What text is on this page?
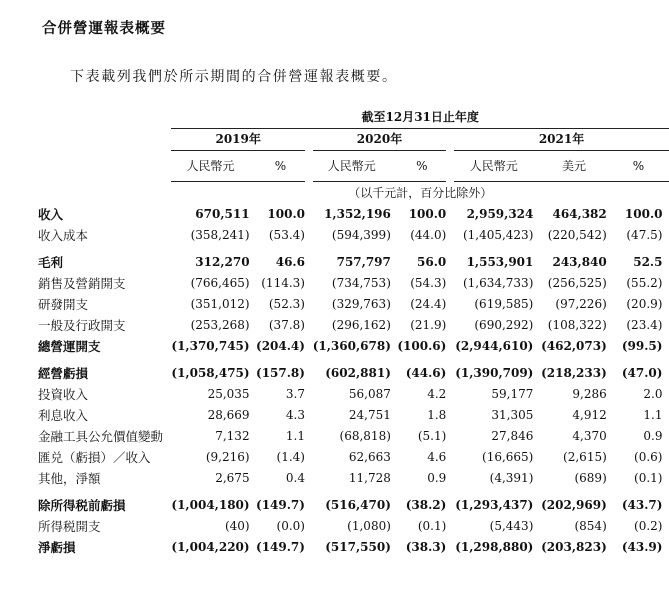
合併營運報表概要
下表載列我們於所示期間的合併營運報表概要。
	截至12月31日止年度													
	2019年				2020年				2021年					
	人民幣元		%		人民幣元		%		人民幣元		美元		%	
	（以千元計，百分比除外）													
收入	670,511		100.0		1,352,196		100.0		2,959,324		464,382		100.0	
收入成本	(358,241)		(53.4)		(594,399)		(44.0)		(1,405,423)		(220,542)		(47.5)	

毛利	312,270		46.6		757,797		56.0		1,553,901		243,840		52.5	
銷售及營銷開支	(766,465)		(114.3)		(734,753)		(54.3)		(1,634,733)		(256,525)		(55.2)	
研發開支	(351,012)		(52.3)		(329,763)		(24.4)		(619,585)		(97,226)		(20.9)	
一般及行政開支	(253,268)		(37.8)		(296,162)		(21.9)		(690,292)		(108,322)		(23.4)	
總營運開支	(1,370,745)		(204.4)		(1,360,678)		(100.6)		(2,944,610)		(462,073)		(99.5)	

經營虧損	(1,058,475)		(157.8)		(602,881)		(44.6)		(1,390,709)		(218,233)		(47.0)	
投資收入	25,035		3.7		56,087		4.2		59,177		9,286		2.0	
利息收入	28,669		4.3		24,751		1.8		31,305		4,912		1.1	
金融工具公允價值變動	7,132		1.1		(68,818)		(5.1)		27,846		4,370		0.9	
匯兑（虧損）／收入	(9,216)		(1.4)		62,663		4.6		(16,665)		(2,615)		(0.6)	
其他，淨額	2,675		0.4		11,728		0.9		(4,391)		(689)		(0.1)	

除所得税前虧損	(1,004,180)		(149.7)		(516,470)		(38.2)		(1,293,437)		(202,969)		(43.7)	
所得税開支	(40)		(0.0)		(1,080)		(0.1)		(5,443)		(854)		(0.2)	
淨虧損	(1,004,220)		(149.7)		(517,550)		(38.3)		(1,298,880)		(203,823)		(43.9)	
